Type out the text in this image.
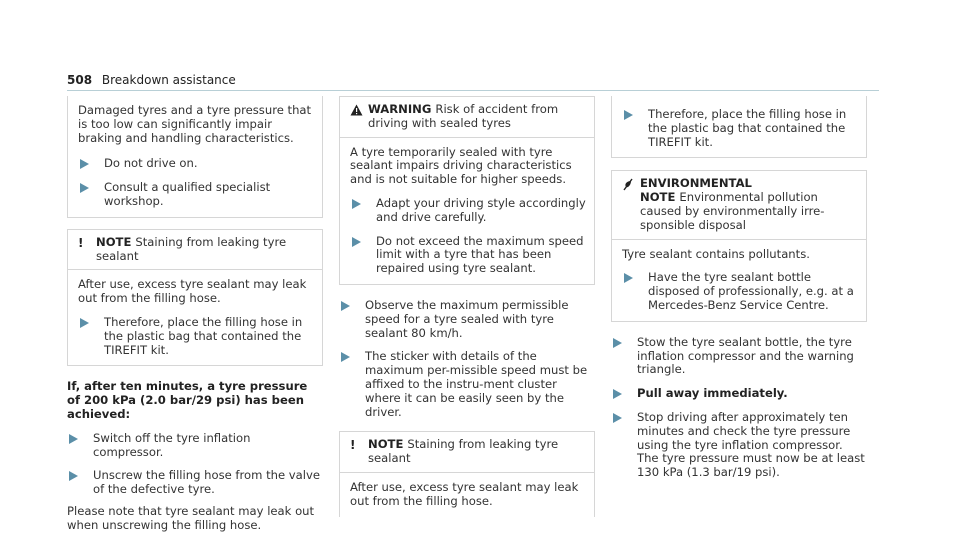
508 Breakdown assistance

Damaged tyres and a tyre pressure that is too low can significantly impair braking and handling characteristics.

Do not drive on.
Consult a qualified specialist workshop.
! NOTE Staining from leaking tyre sealant

After use, excess tyre sealant may leak out from the filling hose.

Therefore, place the filling hose in the plastic bag that contained the TIREFIT kit.

If, after ten minutes, a tyre pressure of 200 kPa (2.0 bar/29 psi) has been achieved:

Switch off the tyre inflation compressor.
Unscrew the filling hose from the valve of the defective tyre.

Please note that tyre sealant may leak out when unscrewing the filling hose.

WARNING Risk of accident from driving with sealed tyres

A tyre temporarily sealed with tyre sealant impairs driving characteristics and is not suitable for higher speeds.

Adapt your driving style accordingly and drive carefully.
Do not exceed the maximum speed limit with a tyre that has been repaired using tyre sealant.
Observe the maximum permissible speed for a tyre sealed with tyre sealant 80 km/h.
The sticker with details of the maximum per-missible speed must be affixed to the instru-ment cluster where it can be easily seen by the driver.
! NOTE Staining from leaking tyre sealant

After use, excess tyre sealant may leak out from the filling hose.

Therefore, place the filling hose in the plastic bag that contained the TIREFIT kit.
ENVIRONMENTAL NOTE Environmental pollution caused by environmentally irre-sponsible disposal

Tyre sealant contains pollutants.

Have the tyre sealant bottle disposed of professionally, e.g. at a Mercedes-Benz Service Centre.
Stow the tyre sealant bottle, the tyre inflation compressor and the warning triangle.
Pull away immediately.
Stop driving after approximately ten minutes and check the tyre pressure using the tyre inflation compressor.
The tyre pressure must now be at least
130 kPa (1.3 bar/19 psi).
